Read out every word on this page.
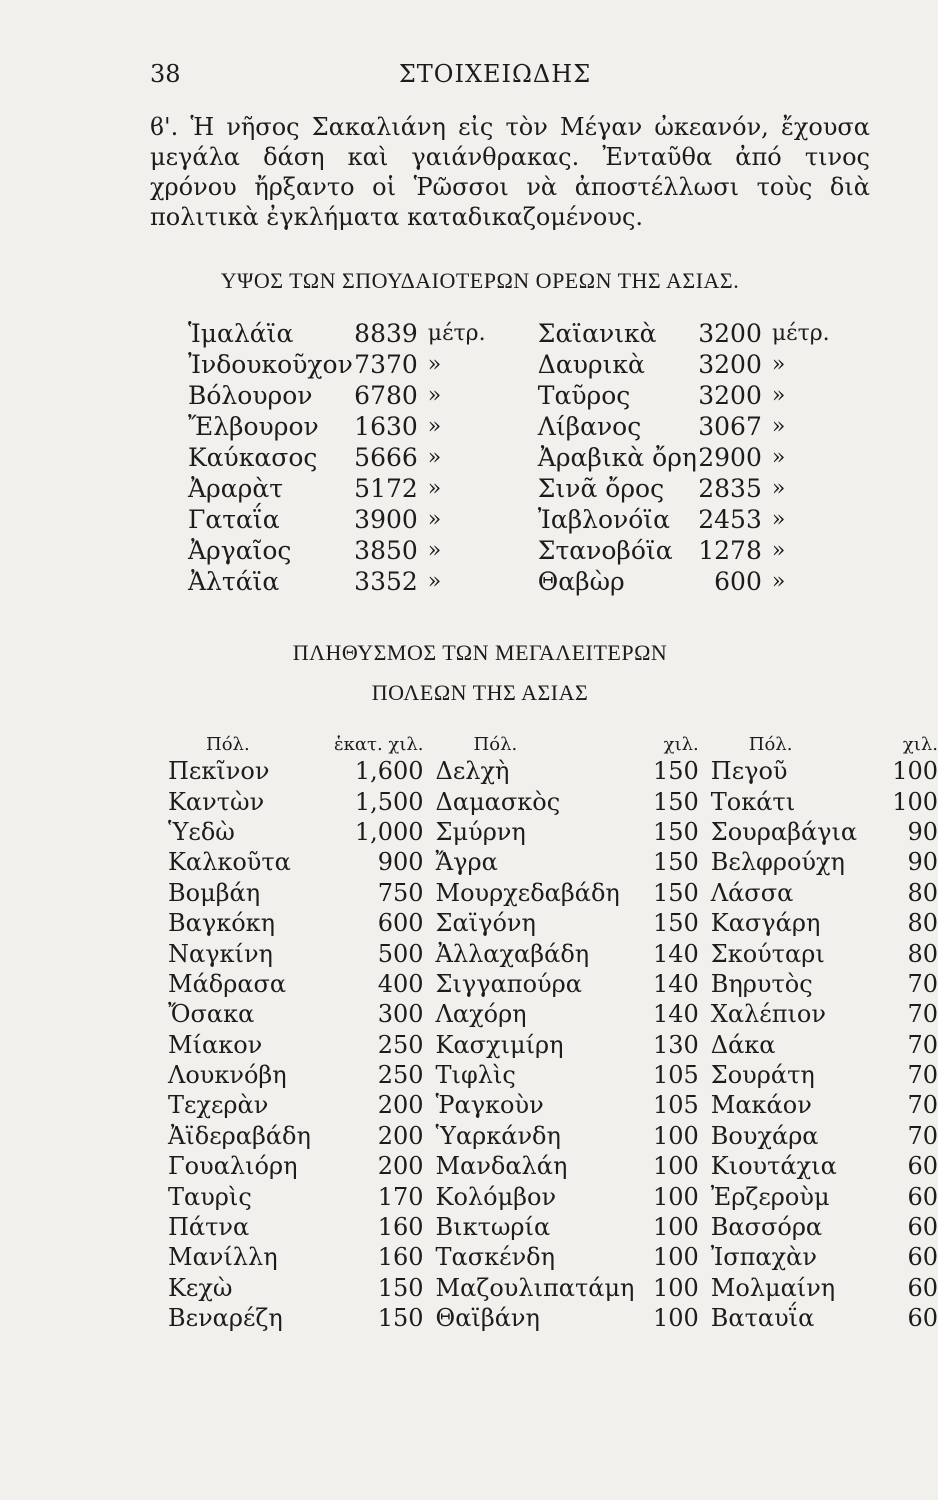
38	ΣΤΟΙΧΕΙΩΔΗΣ
ϐ'. Ἡ νῆσος Σακαλιάνη εἰς τὸν Μέγαν ὠκεανόν, ἔχουσα μεγάλα δάση καὶ γαιάνθρακας. Ἐνταῦθα ἀπό τινος χρόνου ἤρξαντο οἱ Ῥῶσσοι νὰ ἀποστέλλωσι τοὺς διὰ πολιτικὰ ἐγκλήματα καταδικαζομένους.
ΥΨΟΣ ΤΩΝ ΣΠΟΥΔΑΙΟΤΕΡΩΝ ΟΡΕΩΝ ΤΗΣ ΑΣΙΑΣ.
Ἱμαλάϊα	8839	μέτρ.	Σαϊανικὰ	3200	μέτρ.
Ἰνδουκοῦχον	7370	»	Δαυρικὰ	3200	»
Βόλουρον	6780	»	Ταῦρος	3200	»
Ἔλβουρον	1630	»	Λίβανος	3067	»
Καύκασος	5666	»	Ἀραβικὰ ὄρη	2900	»
Ἀραρὰτ	5172	»	Σινᾶ ὄρος	2835	»
Γαταΐα	3900	»	Ἰαβλονόϊα	2453	»
Ἀργαῖος	3850	»	Στανοβόϊα	1278	»
Ἀλτάϊα	3352	»	Θαβὼρ	600	»
ΠΛΗΘΥΣΜΟΣ ΤΩΝ ΜΕΓΑΛΕΙΤΕΡΩΝ
ΠΟΛΕΩΝ ΤΗΣ ΑΣΙΑΣ
Πόλ.	ἑκατ. χιλ.	Πόλ.	χιλ.	Πόλ.	χιλ.
Πεκῖνον	1,600	Δελχὴ	150	Πεγοῦ	100
Καντὼν	1,500	Δαμασκὸς	150	Τοκάτι	100
Ὑεδὼ	1,000	Σμύρνη	150	Σουραβάγια	90
Καλκοῦτα	900	Ἄγρα	150	Βελφρούχη	90
Βομβάη	750	Μουρχεδαβάδη	150	Λάσσα	80
Βαγκόκη	600	Σαϊγόνη	150	Κασγάρη	80
Ναγκίνη	500	Ἀλλαχαβάδη	140	Σκούταρι	80
Μάδρασα	400	Σιγγαπούρα	140	Βηρυτὸς	70
Ὄσακα	300	Λαχόρη	140	Χαλέπιον	70
Μίακον	250	Κασχιμίρη	130	Δάκα	70
Λουκνόβη	250	Τιφλὶς	105	Σουράτη	70
Τεχερὰν	200	Ῥαγκοὺν	105	Μακάον	70
Ἀϊδεραβάδη	200	Ὑαρκάνδη	100	Βουχάρα	70
Γουαλιόρη	200	Μανδαλάη	100	Κιουτάχια	60
Ταυρὶς	170	Κολόμβον	100	Ἐρζεροὺμ	60
Πάτνα	160	Βικτωρία	100	Βασσόρα	60
Μανίλλη	160	Τασκένδη	100	Ἰσπαχὰν	60
Κεχὼ	150	Μαζουλιπατάμη	100	Μολμαίνη	60
Βεναρέζη	150	Θαϊβάνη	100	Βαταυΐα	60
